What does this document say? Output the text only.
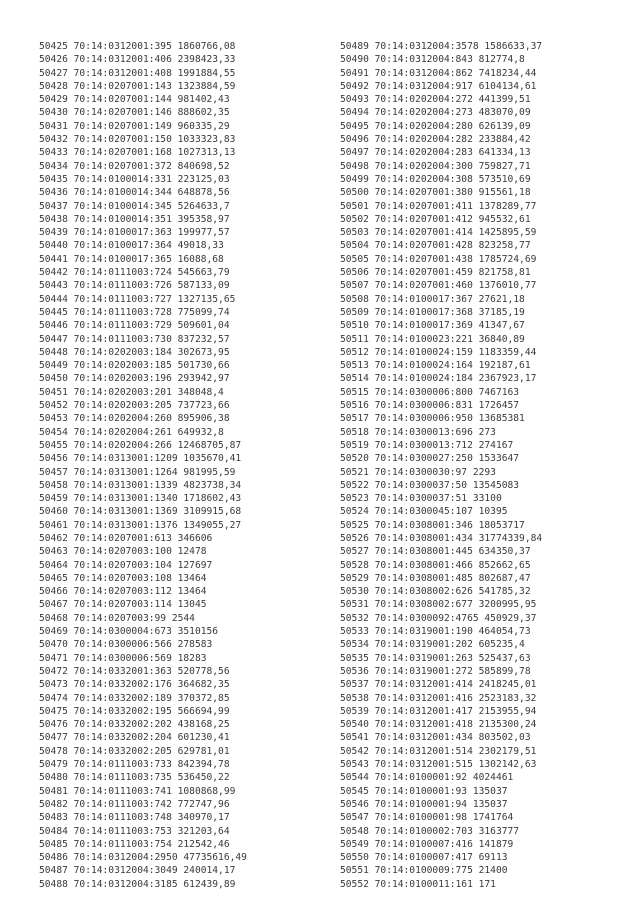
50425 70:14:0312001:395 1860766,08
50426 70:14:0312001:406 2398423,33
50427 70:14:0312001:408 1991884,55
50428 70:14:0207001:143 1323884,59
50429 70:14:0207001:144 981402,43
50430 70:14:0207001:146 888602,35
50431 70:14:0207001:149 960335,29
50432 70:14:0207001:150 1033323,83
50433 70:14:0207001:168 1027313,13
50434 70:14:0207001:372 840698,52
50435 70:14:0100014:331 223125,03
50436 70:14:0100014:344 648878,56
50437 70:14:0100014:345 5264633,7
50438 70:14:0100014:351 395358,97
50439 70:14:0100017:363 199977,57
50440 70:14:0100017:364 49018,33
50441 70:14:0100017:365 16088,68
50442 70:14:0111003:724 545663,79
50443 70:14:0111003:726 587133,09
50444 70:14:0111003:727 1327135,65
50445 70:14:0111003:728 775099,74
50446 70:14:0111003:729 509601,04
50447 70:14:0111003:730 837232,57
50448 70:14:0202003:184 302673,95
50449 70:14:0202003:185 501730,66
50450 70:14:0202003:196 293942,97
50451 70:14:0202003:201 348048,4
50452 70:14:0202003:205 737723,66
50453 70:14:0202004:260 895906,38
50454 70:14:0202004:261 649932,8
50455 70:14:0202004:266 12468705,87
50456 70:14:0313001:1209 1035670,41
50457 70:14:0313001:1264 981995,59
50458 70:14:0313001:1339 4823738,34
50459 70:14:0313001:1340 1718602,43
50460 70:14:0313001:1369 3109915,68
50461 70:14:0313001:1376 1349055,27
50462 70:14:0207001:613 346606
50463 70:14:0207003:100 12478
50464 70:14:0207003:104 127697
50465 70:14:0207003:108 13464
50466 70:14:0207003:112 13464
50467 70:14:0207003:114 13045
50468 70:14:0207003:99 2544
50469 70:14:0300004:673 3510156
50470 70:14:0300006:566 278583
50471 70:14:0300006:569 18283
50472 70:14:0332001:363 520778,56
50473 70:14:0332002:176 364682,35
50474 70:14:0332002:189 370372,85
50475 70:14:0332002:195 566694,99
50476 70:14:0332002:202 438168,25
50477 70:14:0332002:204 601230,41
50478 70:14:0332002:205 629781,01
50479 70:14:0111003:733 842394,78
50480 70:14:0111003:735 536450,22
50481 70:14:0111003:741 1080868,99
50482 70:14:0111003:742 772747,96
50483 70:14:0111003:748 340970,17
50484 70:14:0111003:753 321203,64
50485 70:14:0111003:754 212542,46
50486 70:14:0312004:2950 47735616,49
50487 70:14:0312004:3049 240014,17
50488 70:14:0312004:3185 612439,89
50489 70:14:0312004:3578 1586633,37
50490 70:14:0312004:843 812774,8
50491 70:14:0312004:862 7418234,44
50492 70:14:0312004:917 6104134,61
50493 70:14:0202004:272 441399,51
50494 70:14:0202004:273 483070,09
50495 70:14:0202004:280 626139,09
50496 70:14:0202004:282 233884,42
50497 70:14:0202004:283 641334,13
50498 70:14:0202004:300 759827,71
50499 70:14:0202004:308 573510,69
50500 70:14:0207001:380 915561,18
50501 70:14:0207001:411 1378289,77
50502 70:14:0207001:412 945532,61
50503 70:14:0207001:414 1425895,59
50504 70:14:0207001:428 823258,77
50505 70:14:0207001:438 1785724,69
50506 70:14:0207001:459 821758,81
50507 70:14:0207001:460 1376010,77
50508 70:14:0100017:367 27621,18
50509 70:14:0100017:368 37185,19
50510 70:14:0100017:369 41347,67
50511 70:14:0100023:221 36840,89
50512 70:14:0100024:159 1183359,44
50513 70:14:0100024:164 192187,61
50514 70:14:0100024:184 2367923,17
50515 70:14:0300006:800 7467163
50516 70:14:0300006:831 1726457
50517 70:14:0300006:950 13685381
50518 70:14:0300013:696 273
50519 70:14:0300013:712 274167
50520 70:14:0300027:250 1533647
50521 70:14:0300030:97 2293
50522 70:14:0300037:50 13545083
50523 70:14:0300037:51 33100
50524 70:14:0300045:107 10395
50525 70:14:0308001:346 18053717
50526 70:14:0308001:434 31774339,84
50527 70:14:0308001:445 634350,37
50528 70:14:0308001:466 852662,65
50529 70:14:0308001:485 802687,47
50530 70:14:0308002:626 541785,32
50531 70:14:0308002:677 3200995,95
50532 70:14:0300092:4765 450929,37
50533 70:14:0319001:190 464054,73
50534 70:14:0319001:202 605235,4
50535 70:14:0319001:263 525437,63
50536 70:14:0319001:272 585899,78
50537 70:14:0312001:414 2418245,01
50538 70:14:0312001:416 2523183,32
50539 70:14:0312001:417 2153955,94
50540 70:14:0312001:418 2135300,24
50541 70:14:0312001:434 803502,03
50542 70:14:0312001:514 2302179,51
50543 70:14:0312001:515 1302142,63
50544 70:14:0100001:92 4024461
50545 70:14:0100001:93 135037
50546 70:14:0100001:94 135037
50547 70:14:0100001:98 1741764
50548 70:14:0100002:703 3163777
50549 70:14:0100007:416 141879
50550 70:14:0100007:417 69113
50551 70:14:0100009:775 21400
50552 70:14:0100011:161 171
